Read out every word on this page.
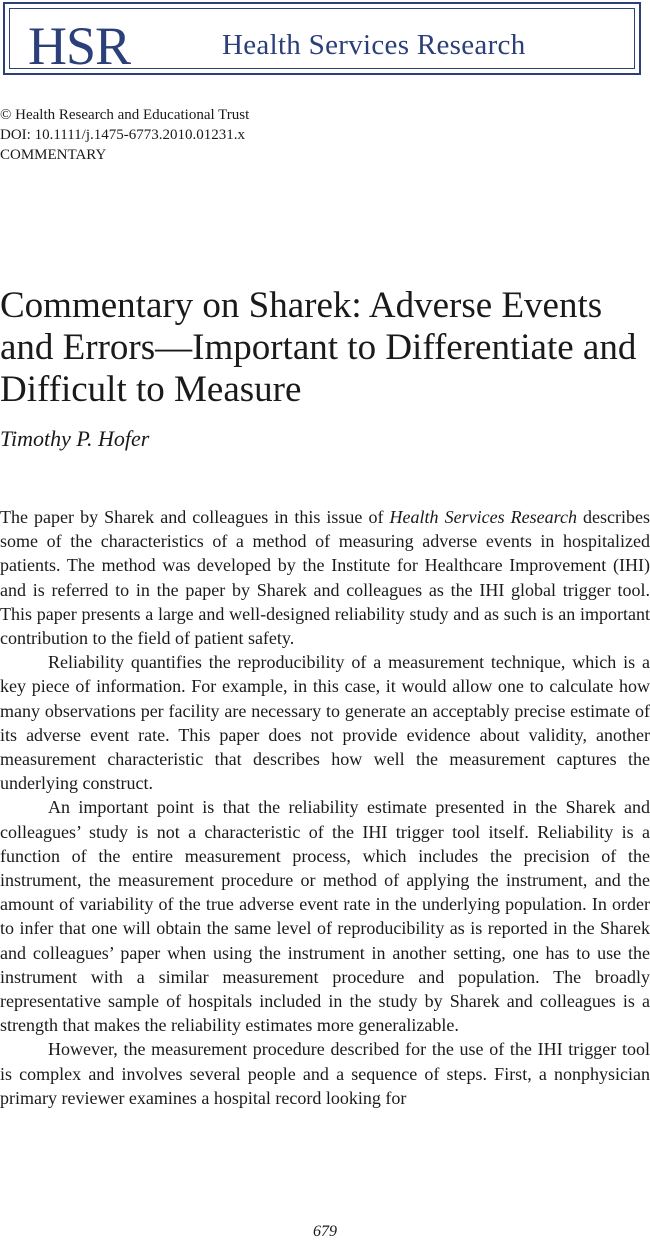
HSR	Health Services Research
© Health Research and Educational Trust
DOI: 10.1111/j.1475-6773.2010.01231.x
COMMENTARY
Commentary on Sharek: Adverse Events and Errors—Important to Differentiate and Difficult to Measure
Timothy P. Hofer

The paper by Sharek and colleagues in this issue of Health Services Research describes some of the characteristics of a method of measuring adverse events in hospitalized patients. The method was developed by the Institute for Healthcare Improvement (IHI) and is referred to in the paper by Sharek and colleagues as the IHI global trigger tool. This paper presents a large and well-designed reliability study and as such is an important contribution to the field of patient safety.

Reliability quantifies the reproducibility of a measurement technique, which is a key piece of information. For example, in this case, it would allow one to calculate how many observations per facility are necessary to generate an acceptably precise estimate of its adverse event rate. This paper does not provide evidence about validity, another measurement characteristic that describes how well the measurement captures the underlying construct.

An important point is that the reliability estimate presented in the Sharek and colleagues’ study is not a characteristic of the IHI trigger tool itself. Reliability is a function of the entire measurement process, which includes the precision of the instrument, the measurement procedure or method of applying the instrument, and the amount of variability of the true adverse event rate in the underlying population. In order to infer that one will obtain the same level of reproducibility as is reported in the Sharek and colleagues’ paper when using the instrument in another setting, one has to use the instrument with a similar measurement procedure and population. The broadly representative sample of hospitals included in the study by Sharek and colleagues is a strength that makes the reliability estimates more generalizable.

However, the measurement procedure described for the use of the IHI trigger tool is complex and involves several people and a sequence of steps. First, a nonphysician primary reviewer examines a hospital record looking for

679
